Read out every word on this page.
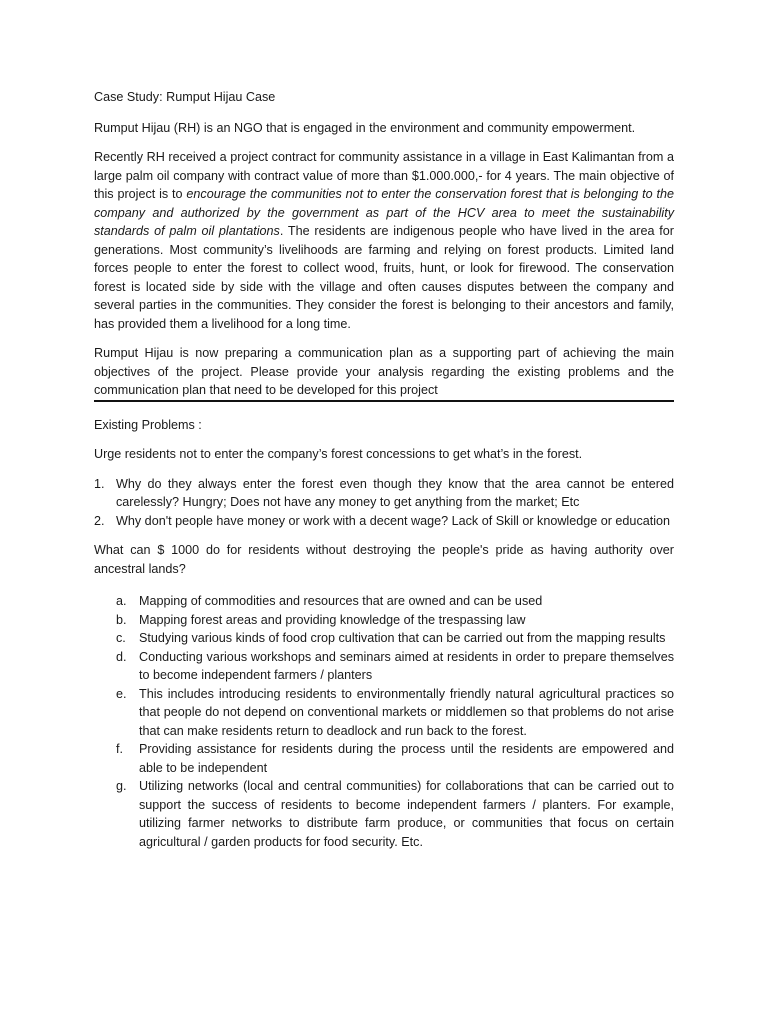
Case Study: Rumput Hijau Case

Rumput Hijau (RH) is an NGO that is engaged in the environment and community empowerment.

Recently RH received a project contract for community assistance in a village in East Kalimantan from a large palm oil company with contract value of more than $1.000.000,- for 4 years. The main objective of this project is to encourage the communities not to enter the conservation forest that is belonging to the company and authorized by the government as part of the HCV area to meet the sustainability standards of palm oil plantations. The residents are indigenous people who have lived in the area for generations. Most community’s livelihoods are farming and relying on forest products. Limited land forces people to enter the forest to collect wood, fruits, hunt, or look for firewood. The conservation forest is located side by side with the village and often causes disputes between the company and several parties in the communities. They consider the forest is belonging to their ancestors and family, has provided them a livelihood for a long time.

Rumput Hijau is now preparing a communication plan as a supporting part of achieving the main objectives of the project. Please provide your analysis regarding the existing problems and the communication plan that need to be developed for this project

Existing Problems :

Urge residents not to enter the company’s forest concessions to get what’s in the forest.

1. Why do they always enter the forest even though they know that the area cannot be entered carelessly? Hungry; Does not have any money to get anything from the market; Etc
2. Why don't people have money or work with a decent wage? Lack of Skill or knowledge or education

What can $ 1000 do for residents without destroying the people's pride as having authority over ancestral lands?

a. Mapping of commodities and resources that are owned and can be used
b. Mapping forest areas and providing knowledge of the trespassing law
c. Studying various kinds of food crop cultivation that can be carried out from the mapping results
d. Conducting various workshops and seminars aimed at residents in order to prepare themselves to become independent farmers / planters
e. This includes introducing residents to environmentally friendly natural agricultural practices so that people do not depend on conventional markets or middlemen so that problems do not arise that can make residents return to deadlock and run back to the forest.
f. Providing assistance for residents during the process until the residents are empowered and able to be independent
g. Utilizing networks (local and central communities) for collaborations that can be carried out to support the success of residents to become independent farmers / planters. For example, utilizing farmer networks to distribute farm produce, or communities that focus on certain agricultural / garden products for food security. Etc.
